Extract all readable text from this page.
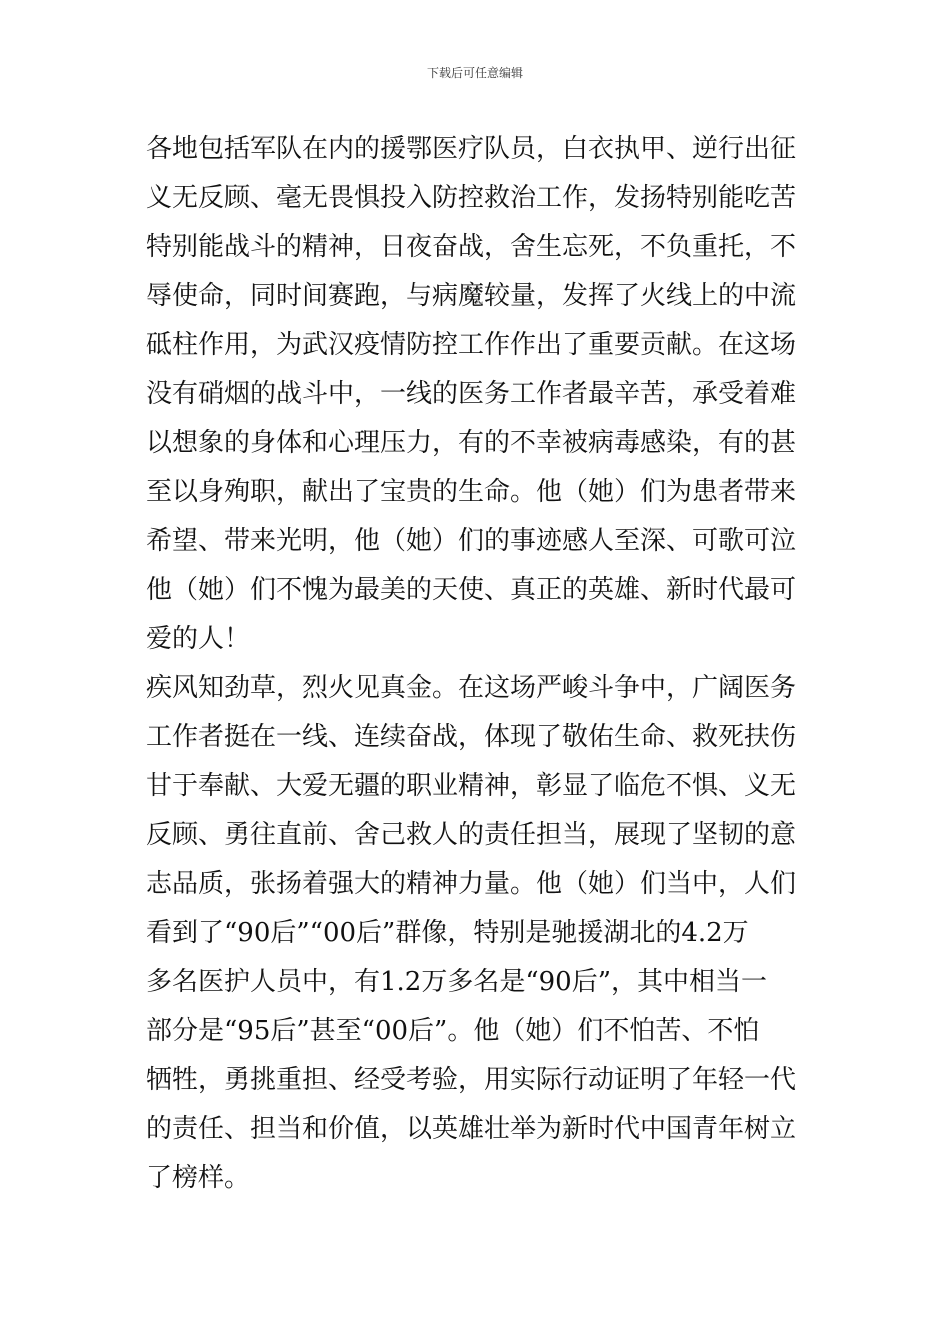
下载后可任意编辑
各地包括军队在内的援鄂医疗队员，白衣执甲、逆行出征
义无反顾、毫无畏惧投入防控救治工作，发扬特别能吃苦
特别能战斗的精神，日夜奋战，舍生忘死，不负重托，不
辱使命，同时间赛跑，与病魔较量，发挥了火线上的中流
砥柱作用，为武汉疫情防控工作作出了重要贡献。在这场
没有硝烟的战斗中，一线的医务工作者最辛苦，承受着难
以想象的身体和心理压力，有的不幸被病毒感染，有的甚
至以身殉职，献出了宝贵的生命。他（她）们为患者带来
希望、带来光明，他（她）们的事迹感人至深、可歌可泣
他（她）们不愧为最美的天使、真正的英雄、新时代最可
爱的人！
疾风知劲草，烈火见真金。在这场严峻斗争中，广阔医务
工作者挺在一线、连续奋战，体现了敬佑生命、救死扶伤
甘于奉献、大爱无疆的职业精神，彰显了临危不惧、义无
反顾、勇往直前、舍己救人的责任担当，展现了坚韧的意
志品质，张扬着强大的精神力量。他（她）们当中，人们
看到了“90后”“00后”群像，特别是驰援湖北的4.2万
多名医护人员中，有1.2万多名是“90后”，其中相当一
部分是“95后”甚至“00后”。他（她）们不怕苦、不怕
牺牲，勇挑重担、经受考验，用实际行动证明了年轻一代
的责任、担当和价值，以英雄壮举为新时代中国青年树立
了榜样。
